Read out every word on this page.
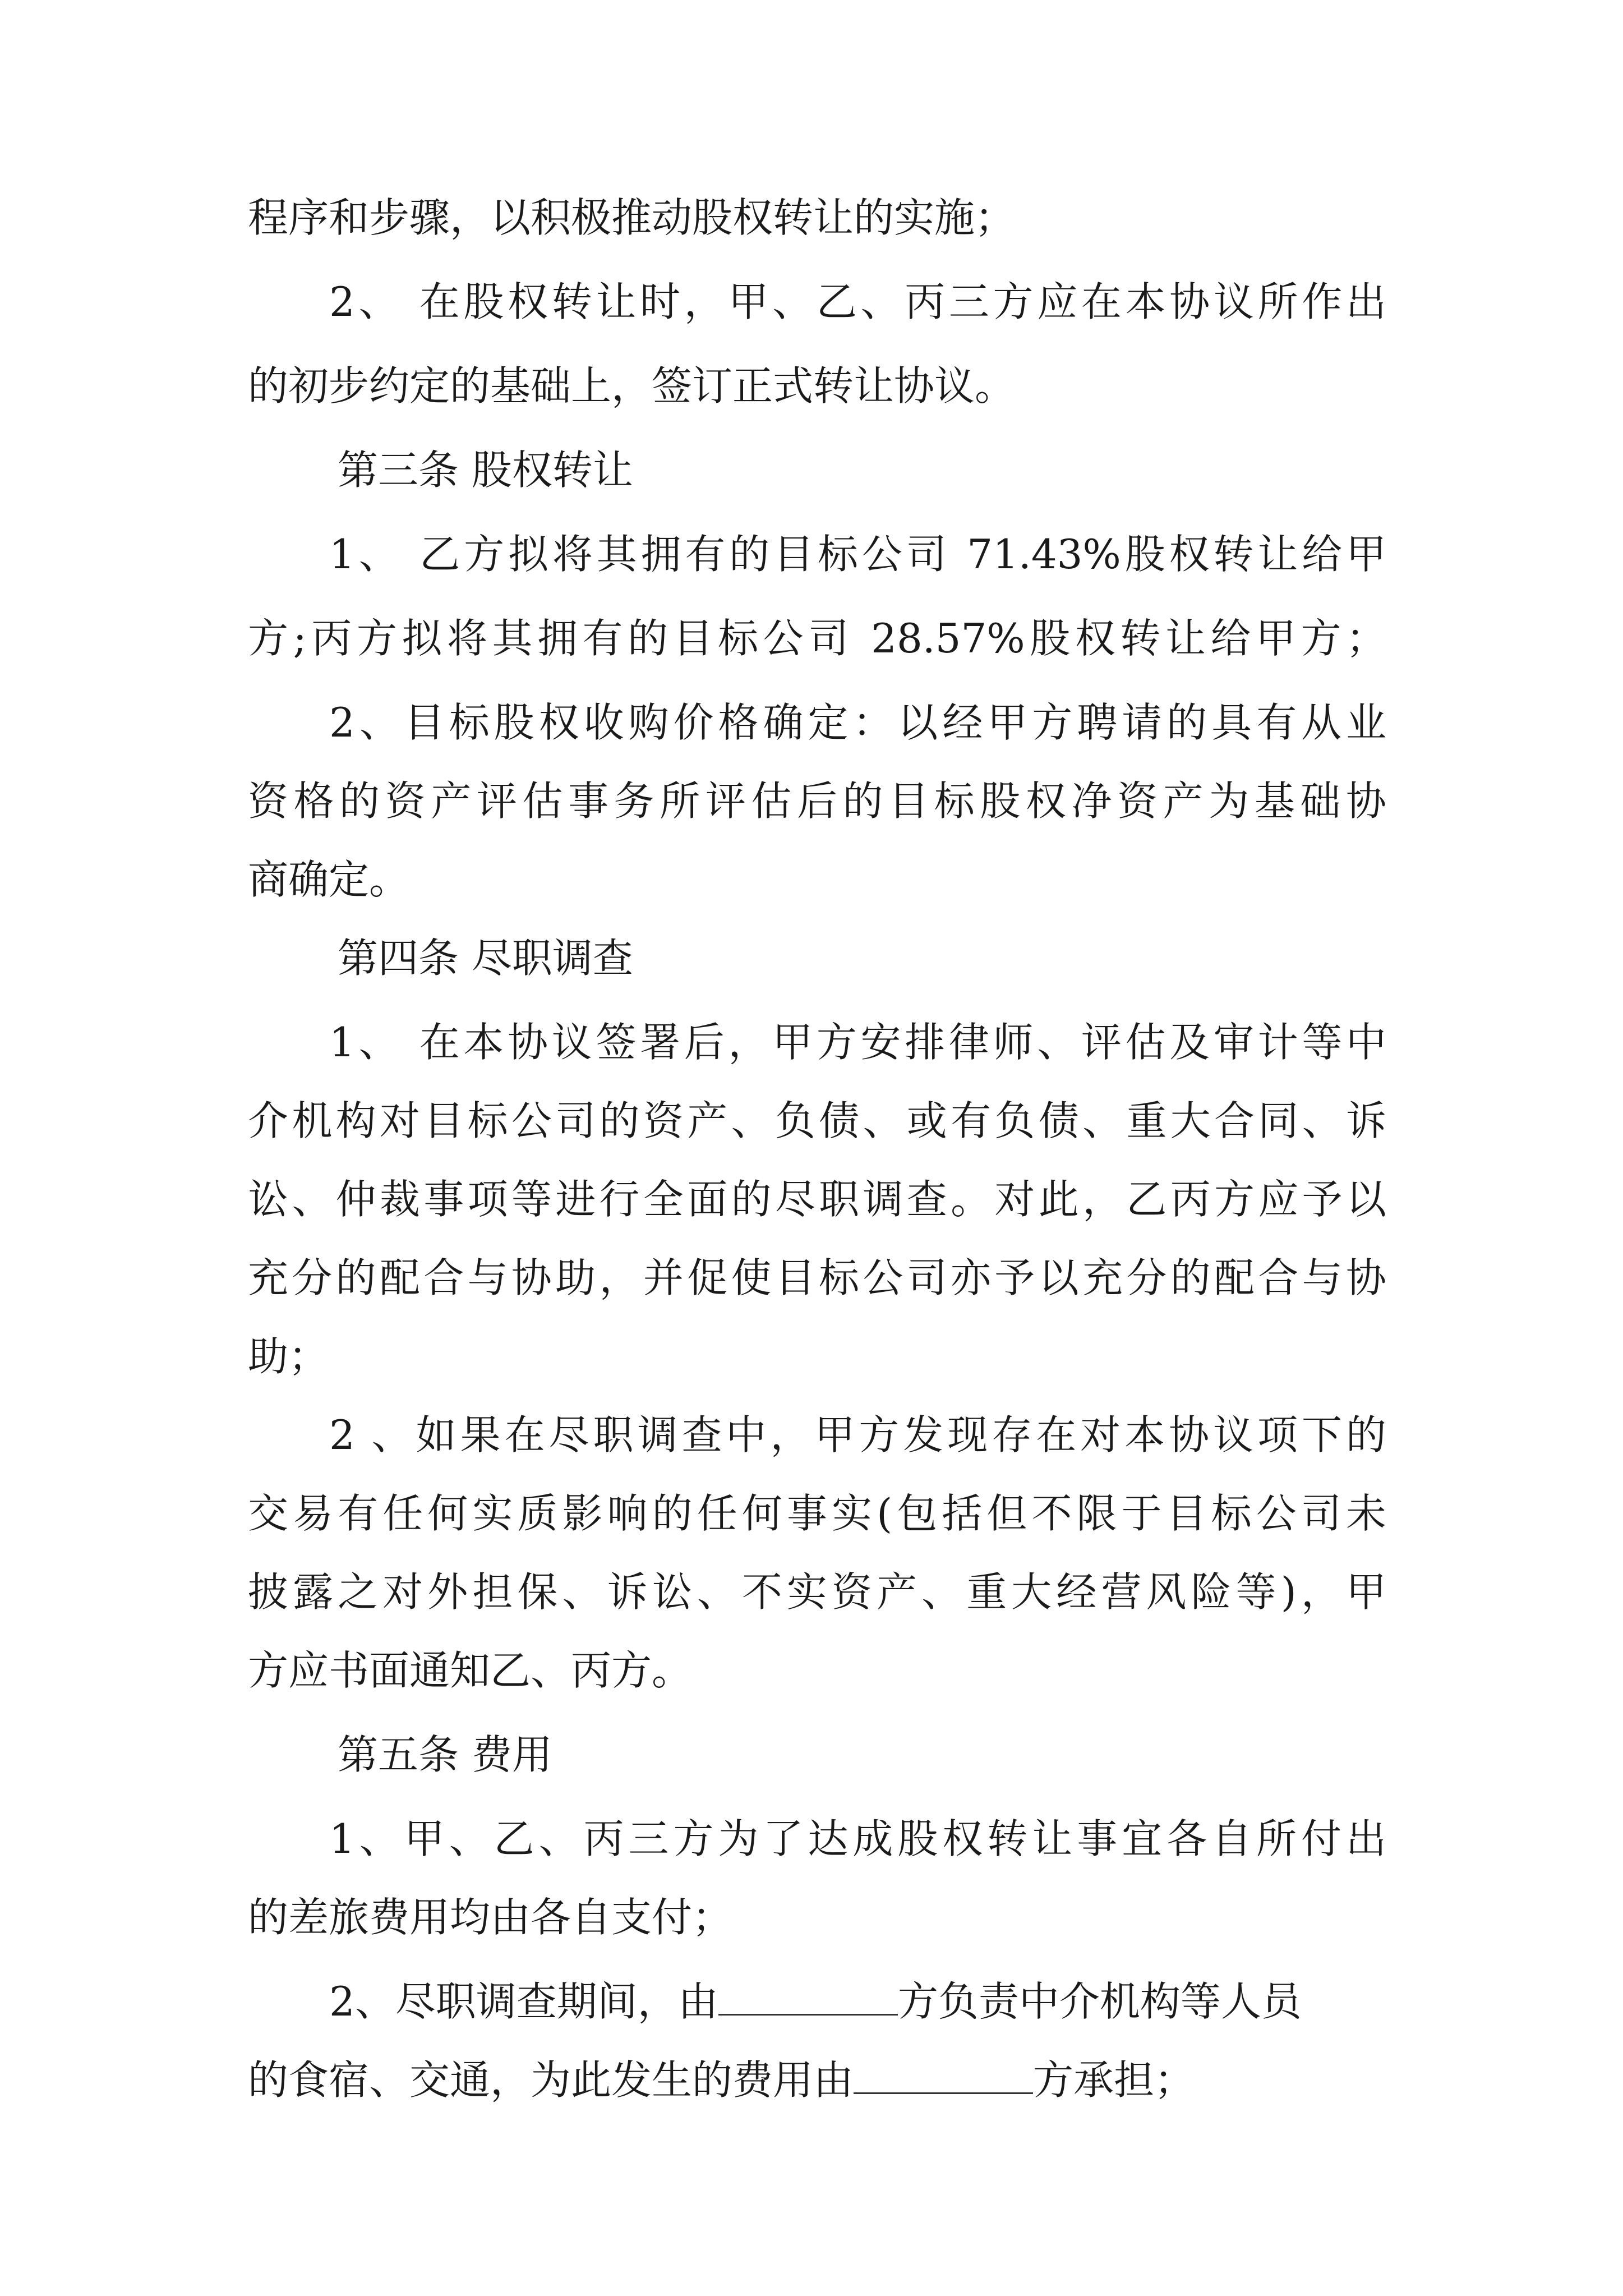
程序和步骤，以积极推动股权转让的实施；
2、 在股权转让时，甲、乙、丙三方应在本协议所作出
的初步约定的基础上，签订正式转让协议。
第三条 股权转让
1、 乙方拟将其拥有的目标公司 71.43%股权转让给甲
方;丙方拟将其拥有的目标公司 28.57%股权转让给甲方；
2、目标股权收购价格确定：以经甲方聘请的具有从业
资格的资产评估事务所评估后的目标股权净资产为基础协
商确定。
第四条 尽职调查
1、 在本协议签署后，甲方安排律师、评估及审计等中
介机构对目标公司的资产、负债、或有负债、重大合同、诉
讼、仲裁事项等进行全面的尽职调查。对此，乙丙方应予以
充分的配合与协助，并促使目标公司亦予以充分的配合与协
助；
2 、如果在尽职调查中，甲方发现存在对本协议项下的
交易有任何实质影响的任何事实(包括但不限于目标公司未
披露之对外担保、诉讼、不实资产、重大经营风险等)，甲
方应书面通知乙、丙方。
第五条 费用
1、甲、乙、丙三方为了达成股权转让事宜各自所付出
的差旅费用均由各自支付；
2、尽职调查期间，由	方负责中介机构等人员
的食宿、交通，为此发生的费用由	方承担；
